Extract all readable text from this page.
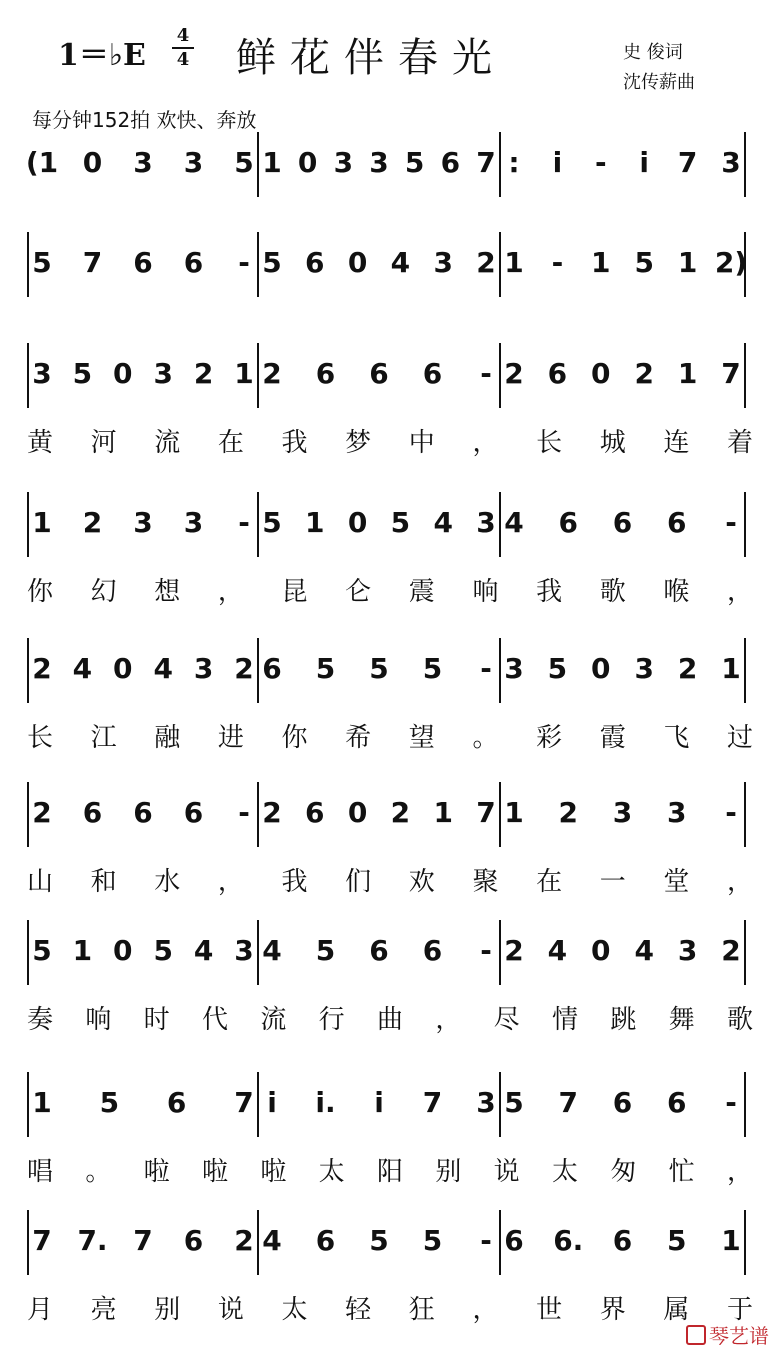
1＝♭E
4
4 鲜花伴春光	史 俊词
沈传薪曲
每分钟152拍 欢快、奔放
(1 0 3 3 5 1 0 3 3 5 6 7 : i - i 7 3
5 7 6 6 - 5 6 0 4 3 2 1 - 1 5 1 2)
3 5 0 3 2 1 2 6 6 6 - 2 6 0 2 1 7
黄 河 流 在 我 梦 中 ， 长 城 连 着
1 2 3 3 - 5 1 0 5 4 3 4 6 6 6 -
你 幻 想 ， 昆 仑 震 响 我 歌 喉 ，
2 4 0 4 3 2 6 5 5 5 - 3 5 0 3 2 1
长 江 融 进 你 希 望 。 彩 霞 飞 过
2 6 6 6 - 2 6 0 2 1 7 1 2 3 3 -
山 和 水 ， 我 们 欢 聚 在 一 堂 ，
5 1 0 5 4 3 4 5 6 6 - 2 4 0 4 3 2
奏 响 时 代 流 行 曲 ， 尽 情 跳 舞 歌
1 5 6 7 i i. i 7 3 5 7 6 6 -
唱 。 啦 啦 啦 太 阳 别 说 太 匆 忙 ，
7 7. 7 6 2 4 6 5 5 - 6 6. 6 5 1
月 亮 别 说 太 轻 狂 ， 世 界 属 于
琴艺谱
